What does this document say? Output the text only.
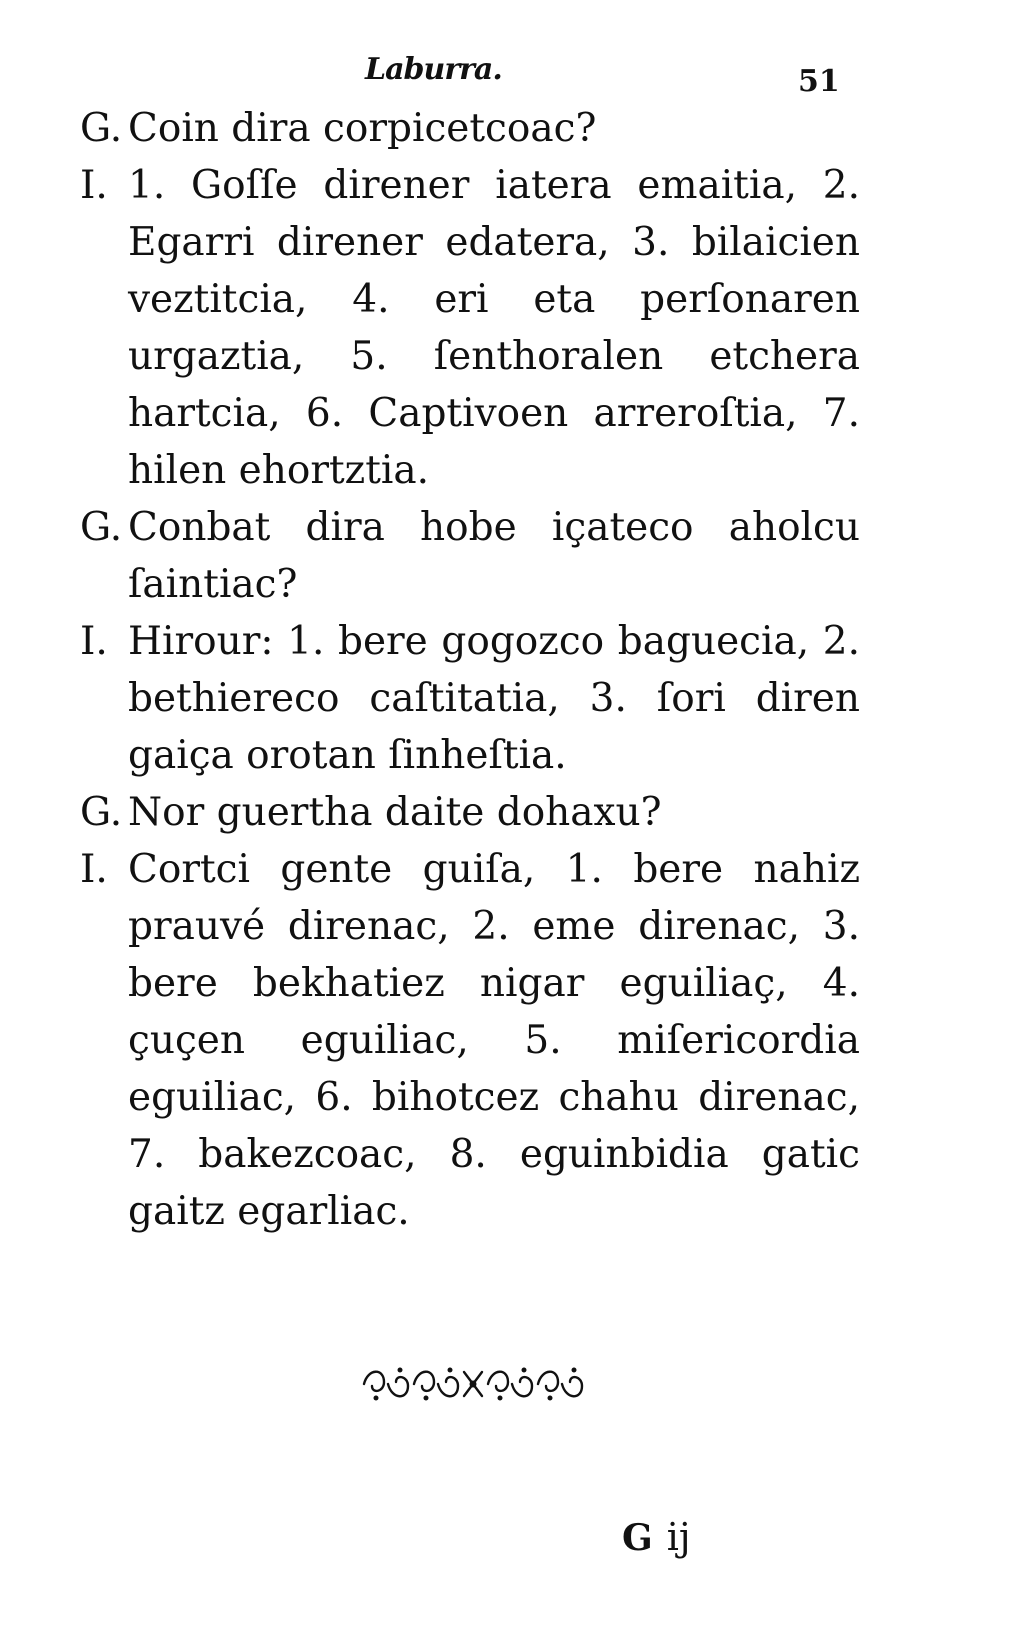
Laburra.	51

G. Coin dira corpicetcoac?

I. 1. Goſſe direner iatera emaitia, 2. Egarri direner edatera, 3. bilaicien veztitcia, 4. eri eta perſonaren urgaztia, 5. ſenthoralen etchera hartcia, 6. Captivoen arreroſtia, 7. hilen ehortztia.

G. Conbat dira hobe içateco aholcu ſaintiac?

I. Hirour: 1. bere gogozco baguecia, 2. bethiereco caſtitatia, 3. ſori diren gaiça orotan ſinheſtia.

G. Nor guertha daite dohaxu?

I. Cortci gente guiſa, 1. bere nahiz prauvé direnac, 2. eme direnac, 3. bere bekhatiez nigar eguiliaç, 4. çuçen eguiliac, 5. miſericordia eguiliac, 6. bihotcez chahu direnac, 7. bakezcoac, 8. eguinbidia gatic gaitz egarliac.

G ij
